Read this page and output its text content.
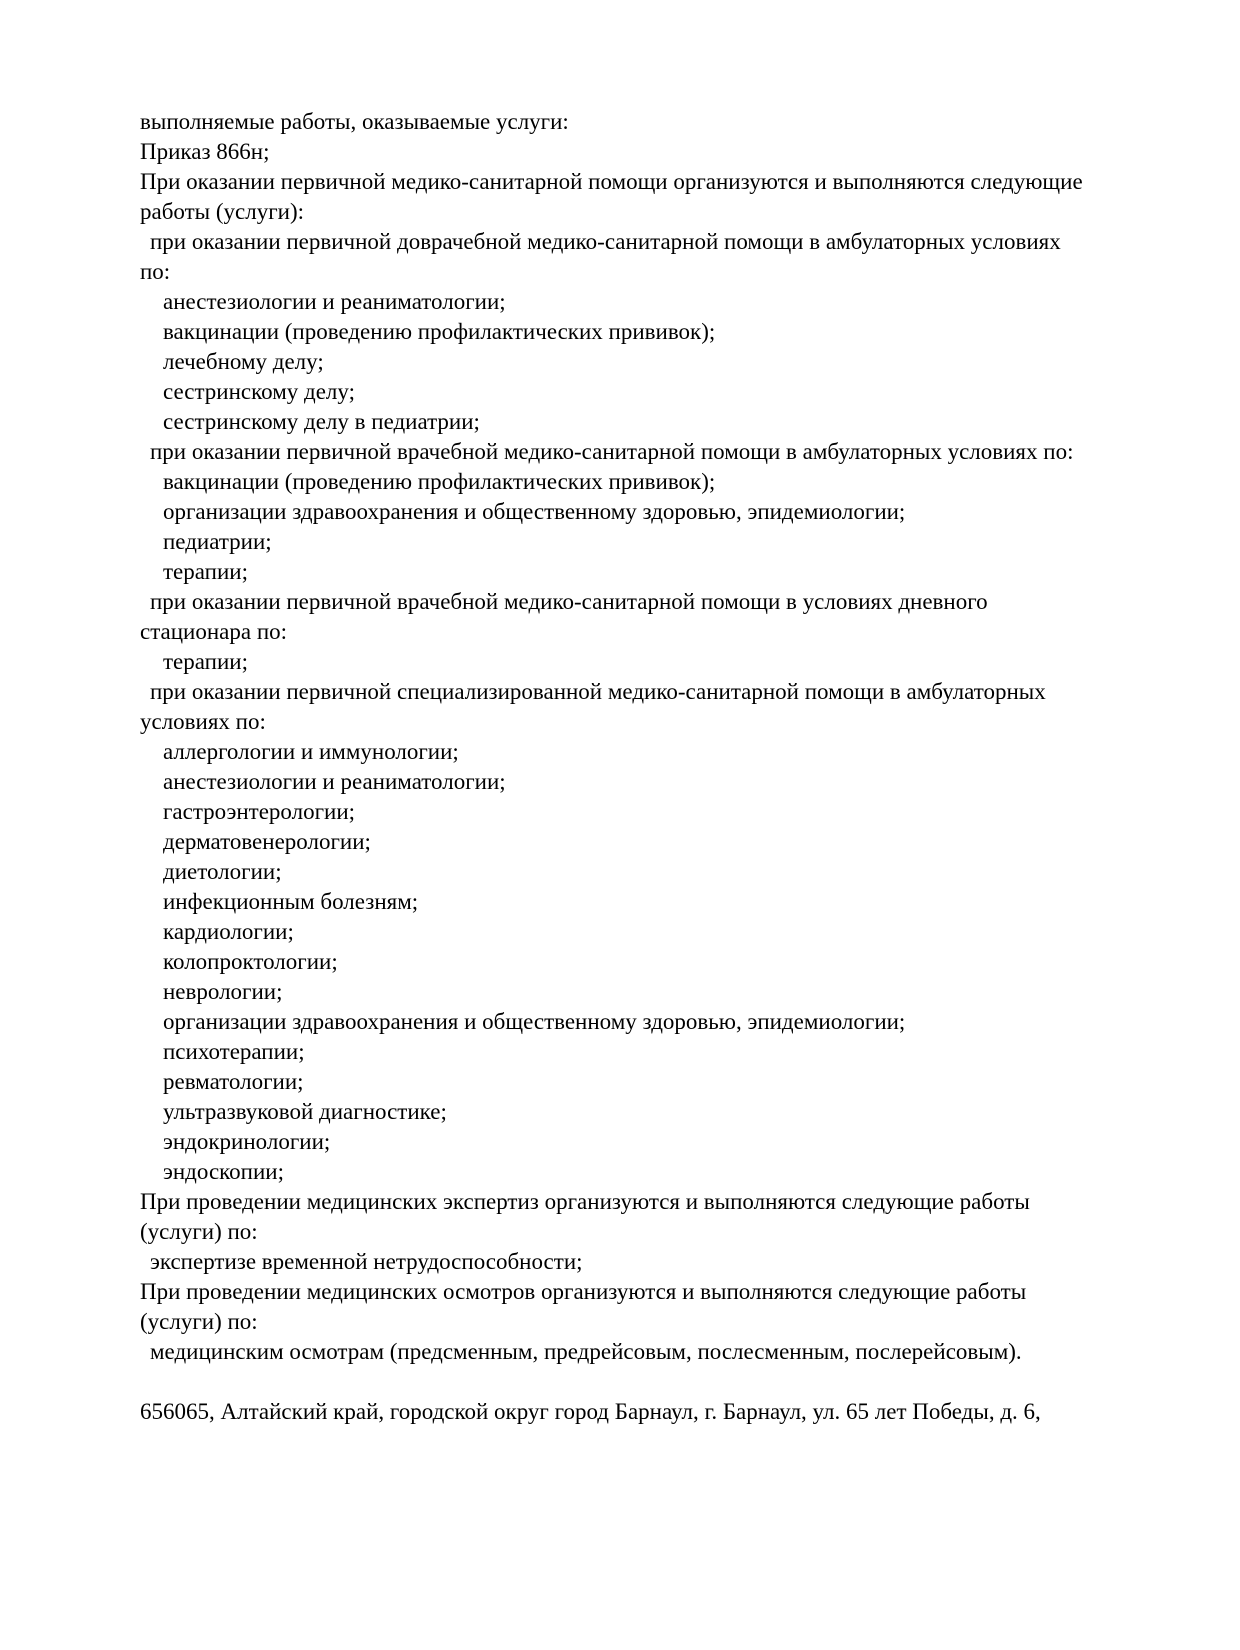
выполняемые работы, оказываемые услуги:
Приказ 866н;
При оказании первичной медико-санитарной помощи организуются и выполняются следующие
работы (услуги):
при оказании первичной доврачебной медико-санитарной помощи в амбулаторных условиях
по:
анестезиологии и реаниматологии;
вакцинации (проведению профилактических прививок);
лечебному делу;
сестринскому делу;
сестринскому делу в педиатрии;
при оказании первичной врачебной медико-санитарной помощи в амбулаторных условиях по:
вакцинации (проведению профилактических прививок);
организации здравоохранения и общественному здоровью, эпидемиологии;
педиатрии;
терапии;
при оказании первичной врачебной медико-санитарной помощи в условиях дневного
стационара по:
терапии;
при оказании первичной специализированной медико-санитарной помощи в амбулаторных
условиях по:
аллергологии и иммунологии;
анестезиологии и реаниматологии;
гастроэнтерологии;
дерматовенерологии;
диетологии;
инфекционным болезням;
кардиологии;
колопроктологии;
неврологии;
организации здравоохранения и общественному здоровью, эпидемиологии;
психотерапии;
ревматологии;
ультразвуковой диагностике;
эндокринологии;
эндоскопии;
При проведении медицинских экспертиз организуются и выполняются следующие работы
(услуги) по:
экспертизе временной нетрудоспособности;
При проведении медицинских осмотров организуются и выполняются следующие работы
(услуги) по:
медицинским осмотрам (предсменным, предрейсовым, послесменным, послерейсовым).

656065, Алтайский край, городской округ город Барнаул, г. Барнаул, ул. 65 лет Победы, д. 6,
